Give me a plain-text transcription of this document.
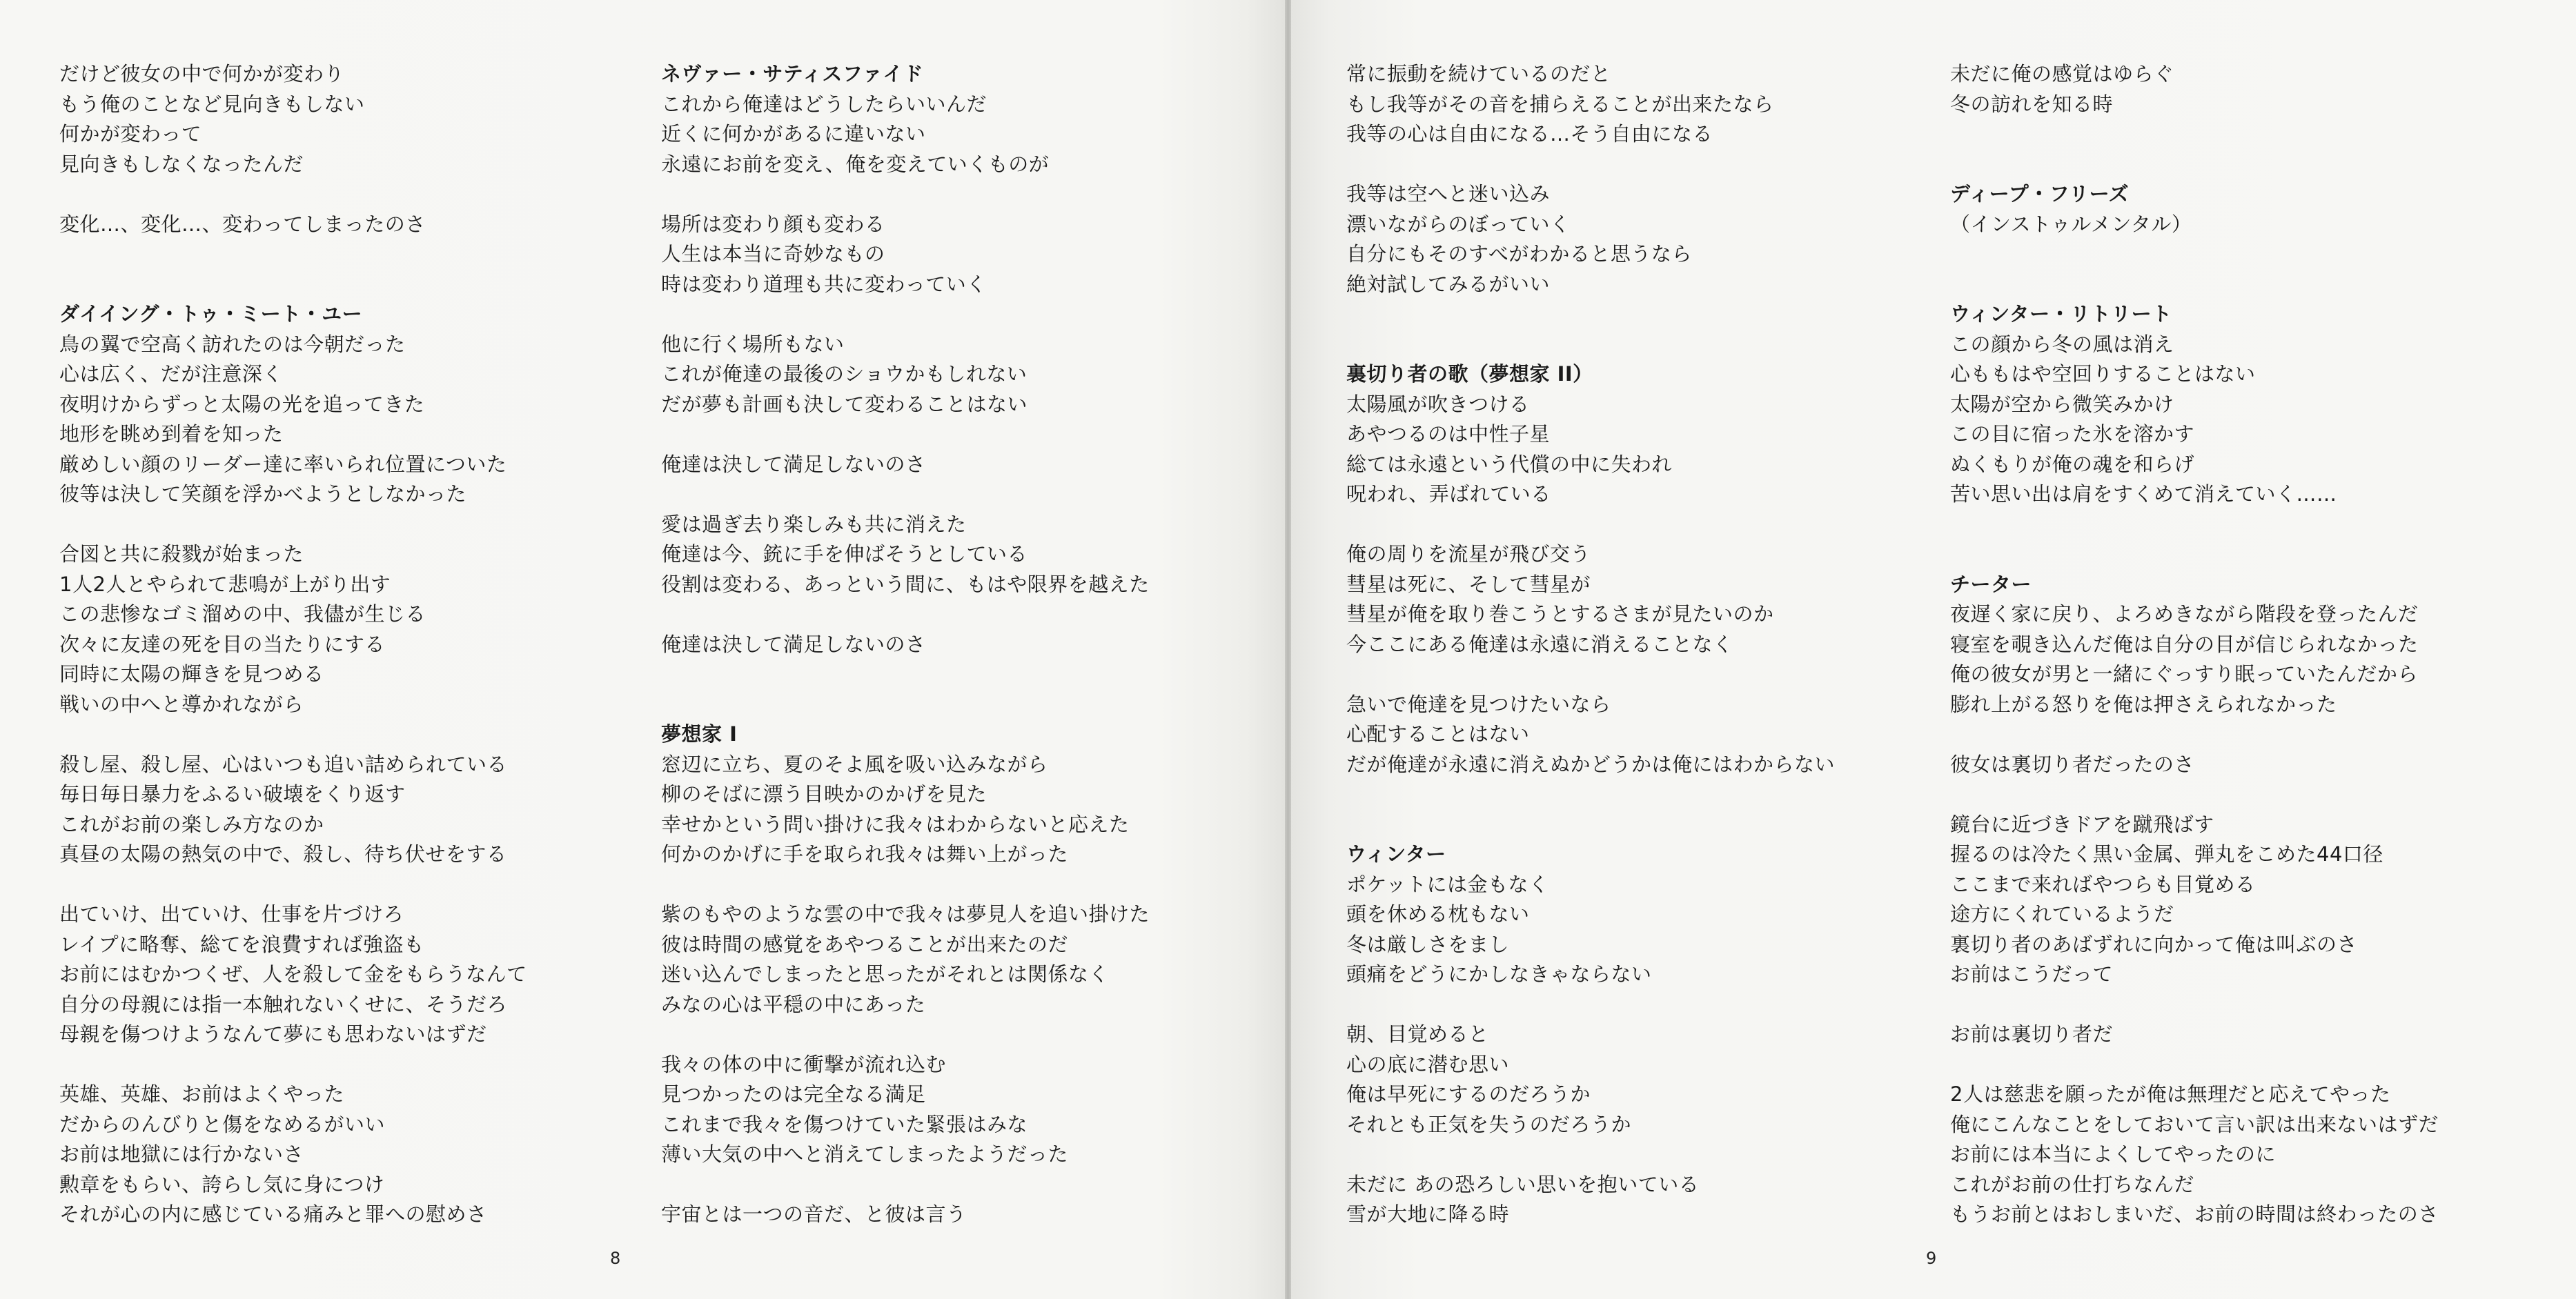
だけど彼女の中で何かが変わり
もう俺のことなど見向きもしない
何かが変わって
見向きもしなくなったんだ
変化…、変化…、変わってしまったのさ
ダイイング・トゥ・ミート・ユー
鳥の翼で空高く訪れたのは今朝だった
心は広く、だが注意深く
夜明けからずっと太陽の光を追ってきた
地形を眺め到着を知った
厳めしい顔のリーダー達に率いられ位置についた
彼等は決して笑顔を浮かべようとしなかった
合図と共に殺戮が始まった
1人2人とやられて悲鳴が上がり出す
この悲惨なゴミ溜めの中、我儘が生じる
次々に友達の死を目の当たりにする
同時に太陽の輝きを見つめる
戦いの中へと導かれながら
殺し屋、殺し屋、心はいつも追い詰められている
毎日毎日暴力をふるい破壊をくり返す
これがお前の楽しみ方なのか
真昼の太陽の熱気の中で、殺し、待ち伏せをする
出ていけ、出ていけ、仕事を片づけろ
レイプに略奪、総てを浪費すれば強盗も
お前にはむかつくぜ、人を殺して金をもらうなんて
自分の母親には指一本触れないくせに、そうだろ
母親を傷つけようなんて夢にも思わないはずだ
英雄、英雄、お前はよくやった
だからのんびりと傷をなめるがいい
お前は地獄には行かないさ
勲章をもらい、誇らし気に身につけ
それが心の内に感じている痛みと罪への慰めさ
ネヴァー・サティスファイド
これから俺達はどうしたらいいんだ
近くに何かがあるに違いない
永遠にお前を変え、俺を変えていくものが
場所は変わり顔も変わる
人生は本当に奇妙なもの
時は変わり道理も共に変わっていく
他に行く場所もない
これが俺達の最後のショウかもしれない
だが夢も計画も決して変わることはない
俺達は決して満足しないのさ
愛は過ぎ去り楽しみも共に消えた
俺達は今、銃に手を伸ばそうとしている
役割は変わる、あっという間に、もはや限界を越えた
俺達は決して満足しないのさ
夢想家 I
窓辺に立ち、夏のそよ風を吸い込みながら
柳のそばに漂う目映かのかげを見た
幸せかという問い掛けに我々はわからないと応えた
何かのかげに手を取られ我々は舞い上がった
紫のもやのような雲の中で我々は夢見人を追い掛けた
彼は時間の感覚をあやつることが出来たのだ
迷い込んでしまったと思ったがそれとは関係なく
みなの心は平穏の中にあった
我々の体の中に衝撃が流れ込む
見つかったのは完全なる満足
これまで我々を傷つけていた緊張はみな
薄い大気の中へと消えてしまったようだった
宇宙とは一つの音だ、と彼は言う
8
常に振動を続けているのだと
もし我等がその音を捕らえることが出来たなら
我等の心は自由になる…そう自由になる
我等は空へと迷い込み
漂いながらのぼっていく
自分にもそのすべがわかると思うなら
絶対試してみるがいい
裏切り者の歌（夢想家 II）
太陽風が吹きつける
あやつるのは中性子星
総ては永遠という代償の中に失われ
呪われ、弄ばれている
俺の周りを流星が飛び交う
彗星は死に、そして彗星が
彗星が俺を取り巻こうとするさまが見たいのか
今ここにある俺達は永遠に消えることなく
急いで俺達を見つけたいなら
心配することはない
だが俺達が永遠に消えぬかどうかは俺にはわからない
ウィンター
ポケットには金もなく
頭を休める枕もない
冬は厳しさをまし
頭痛をどうにかしなきゃならない
朝、目覚めると
心の底に潜む思い
俺は早死にするのだろうか
それとも正気を失うのだろうか
未だに あの恐ろしい思いを抱いている
雪が大地に降る時
未だに俺の感覚はゆらぐ
冬の訪れを知る時
ディープ・フリーズ
（インストゥルメンタル）
ウィンター・リトリート
この顔から冬の風は消え
心ももはや空回りすることはない
太陽が空から微笑みかけ
この目に宿った氷を溶かす
ぬくもりが俺の魂を和らげ
苦い思い出は肩をすくめて消えていく……
チーター
夜遅く家に戻り、よろめきながら階段を登ったんだ
寝室を覗き込んだ俺は自分の目が信じられなかった
俺の彼女が男と一緒にぐっすり眠っていたんだから
膨れ上がる怒りを俺は押さえられなかった
彼女は裏切り者だったのさ
鏡台に近づきドアを蹴飛ばす
握るのは冷たく黒い金属、弾丸をこめた44口径
ここまで来ればやつらも目覚める
途方にくれているようだ
裏切り者のあばずれに向かって俺は叫ぶのさ
お前はこうだって
お前は裏切り者だ
2人は慈悲を願ったが俺は無理だと応えてやった
俺にこんなことをしておいて言い訳は出来ないはずだ
お前には本当によくしてやったのに
これがお前の仕打ちなんだ
もうお前とはおしまいだ、お前の時間は終わったのさ
9
